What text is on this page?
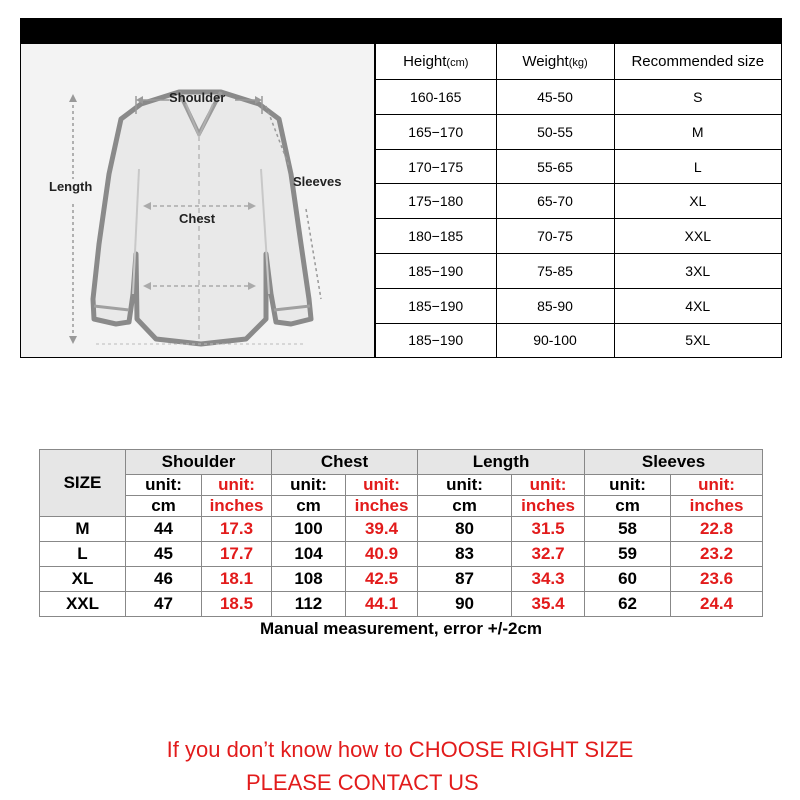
Shoulder
Length	Sleeves
Chest
Height(cm)	Weight(kg)	Recommended size
160-165	45-50	S
165−170	50-55	M
170−175	55-65	L
175−180	65-70	XL
180−185	70-75	XXL
185−190	75-85	3XL
185−190	85-90	4XL
185−190	90-100	5XL
SIZE	Shoulder		Chest		Length		Sleeves	
	unit:	unit:	unit:	unit:	unit:	unit:	unit:	unit:
	cm	inches	cm	inches	cm	inches	cm	inches
M	44	17.3	100	39.4	80	31.5	58	22.8
L	45	17.7	104	40.9	83	32.7	59	23.2
XL	46	18.1	108	42.5	87	34.3	60	23.6
XXL	47	18.5	112	44.1	90	35.4	62	24.4
Manual measurement, error +/-2cm								
If you don’t know how to CHOOSE RIGHT SIZE
PLEASE CONTACT US
